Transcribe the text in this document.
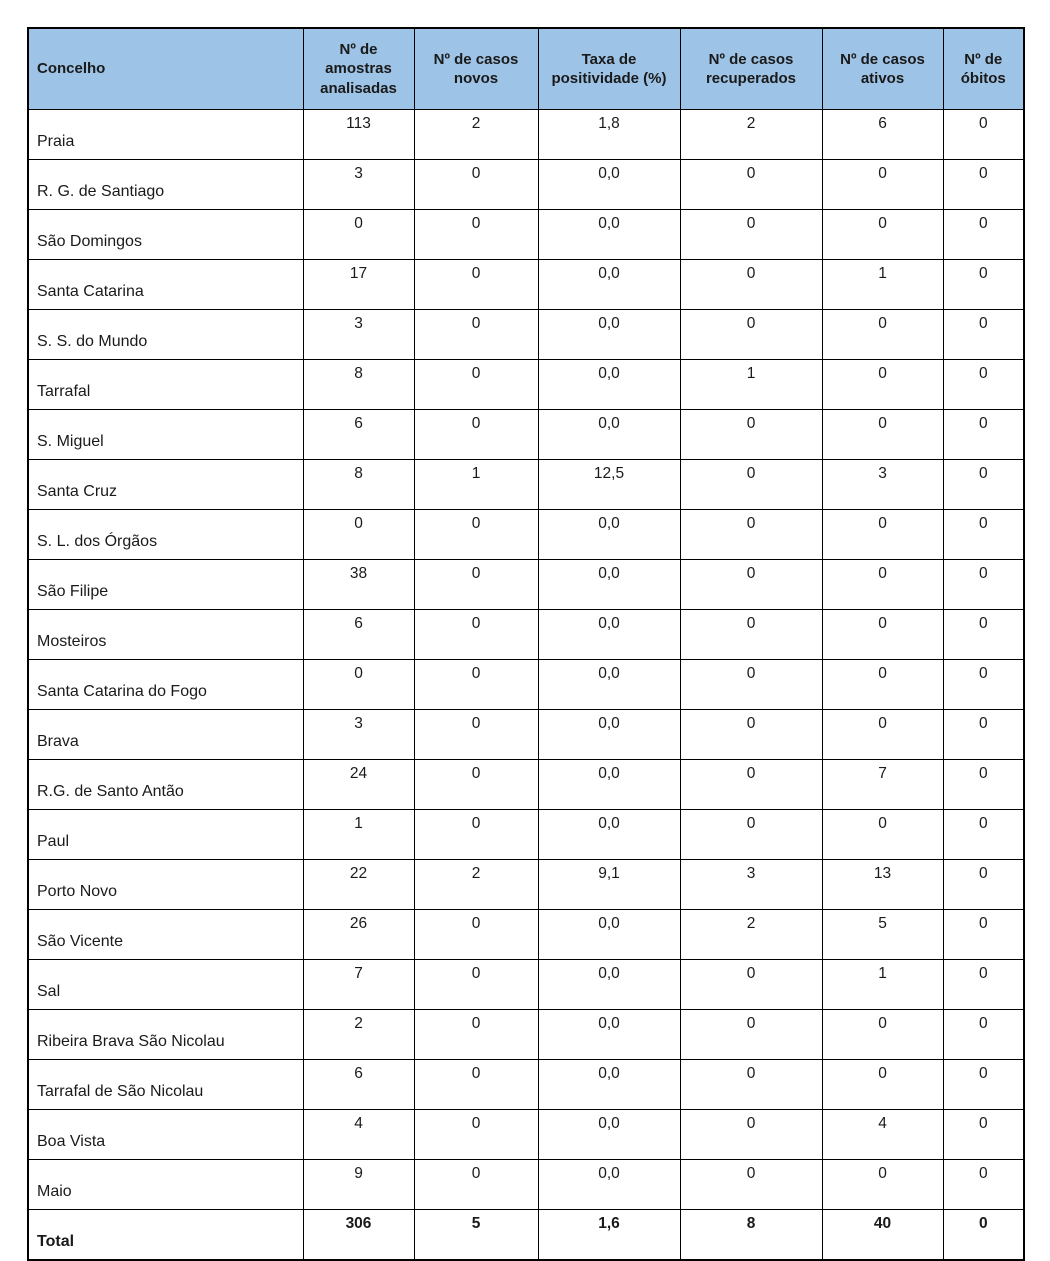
Concelho	Nº de amostras analisadas	Nº de casos novos	Taxa de positividade (%)	Nº de casos recuperados	Nº de casos ativos	Nº de óbitos
Praia	113	2	1,8	2	6	0
R. G. de Santiago	3	0	0,0	0	0	0
São Domingos	0	0	0,0	0	0	0
Santa Catarina	17	0	0,0	0	1	0
S. S. do Mundo	3	0	0,0	0	0	0
Tarrafal	8	0	0,0	1	0	0
S. Miguel	6	0	0,0	0	0	0
Santa Cruz	8	1	12,5	0	3	0
S. L. dos Órgãos	0	0	0,0	0	0	0
São Filipe	38	0	0,0	0	0	0
Mosteiros	6	0	0,0	0	0	0
Santa Catarina do Fogo	0	0	0,0	0	0	0
Brava	3	0	0,0	0	0	0
R.G. de Santo Antão	24	0	0,0	0	7	0
Paul	1	0	0,0	0	0	0
Porto Novo	22	2	9,1	3	13	0
São Vicente	26	0	0,0	2	5	0
Sal	7	0	0,0	0	1	0
Ribeira Brava São Nicolau	2	0	0,0	0	0	0
Tarrafal de São Nicolau	6	0	0,0	0	0	0
Boa Vista	4	0	0,0	0	4	0
Maio	9	0	0,0	0	0	0
Total	306	5	1,6	8	40	0
